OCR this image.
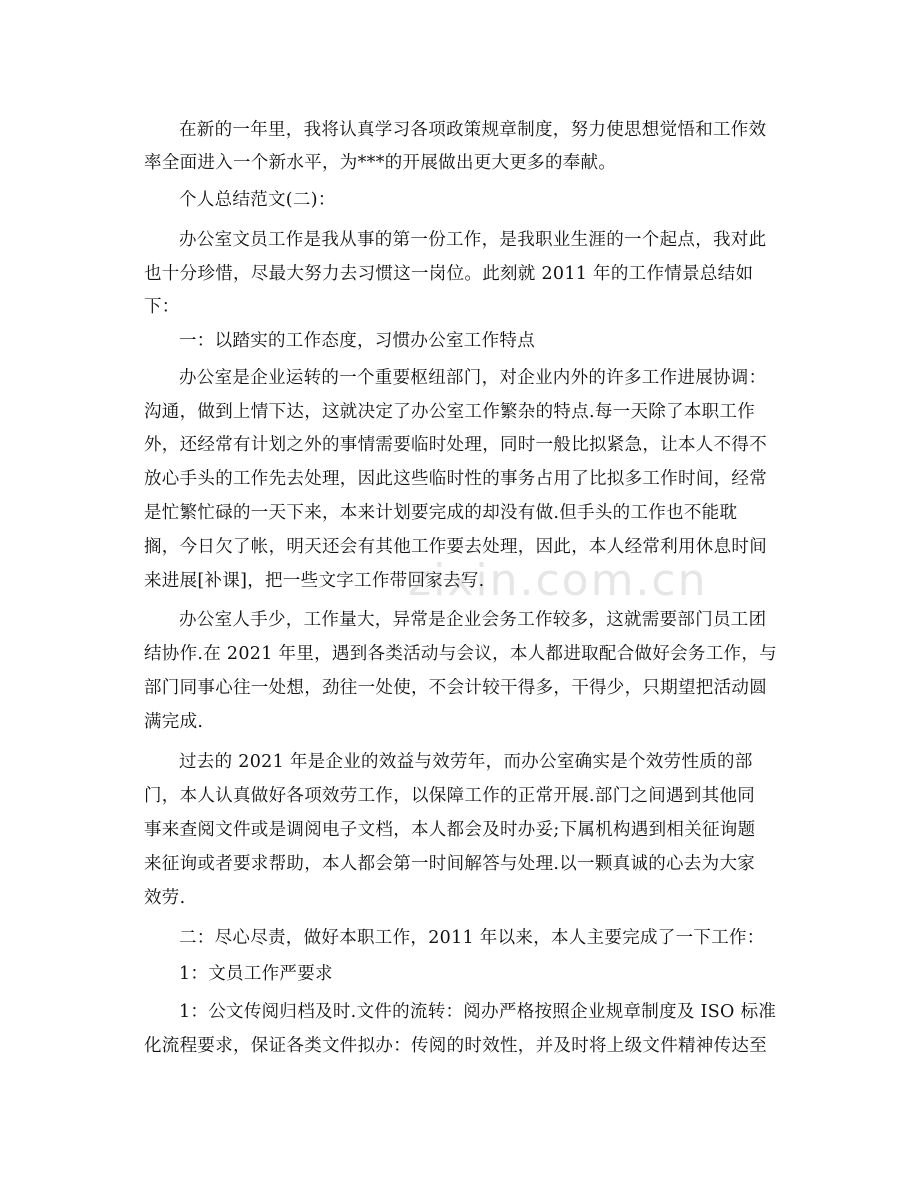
zixin.com.cn
在新的一年里，我将认真学习各项政策规章制度，努力使思想觉悟和工作效
率全面进入一个新水平，为***的开展做出更大更多的奉献。
个人总结范文(二)：
办公室文员工作是我从事的第一份工作，是我职业生涯的一个起点，我对此
也十分珍惜，尽最大努力去习惯这一岗位。此刻就 2011 年的工作情景总结如
下：
一：以踏实的工作态度，习惯办公室工作特点
办公室是企业运转的一个重要枢纽部门，对企业内外的许多工作进展协调：
沟通，做到上情下达，这就决定了办公室工作繁杂的特点.每一天除了本职工作
外，还经常有计划之外的事情需要临时处理，同时一般比拟紧急，让本人不得不
放心手头的工作先去处理，因此这些临时性的事务占用了比拟多工作时间，经常
是忙繁忙碌的一天下来，本来计划要完成的却没有做.但手头的工作也不能耽
搁，今日欠了帐，明天还会有其他工作要去处理，因此，本人经常利用休息时间
来进展[补课]，把一些文字工作带回家去写.
办公室人手少，工作量大，异常是企业会务工作较多，这就需要部门员工团
结协作.在 2021 年里，遇到各类活动与会议，本人都进取配合做好会务工作，与
部门同事心往一处想，劲往一处使，不会计较干得多，干得少，只期望把活动圆
满完成.
过去的 2021 年是企业的效益与效劳年，而办公室确实是个效劳性质的部
门，本人认真做好各项效劳工作，以保障工作的正常开展.部门之间遇到其他同
事来查阅文件或是调阅电子文档，本人都会及时办妥;下属机构遇到相关征询题
来征询或者要求帮助，本人都会第一时间解答与处理.以一颗真诚的心去为大家
效劳.
二：尽心尽责，做好本职工作，2011 年以来，本人主要完成了一下工作：
1：文员工作严要求
1：公文传阅归档及时.文件的流转：阅办严格按照企业规章制度及 ISO 标准
化流程要求，保证各类文件拟办：传阅的时效性，并及时将上级文件精神传达至
